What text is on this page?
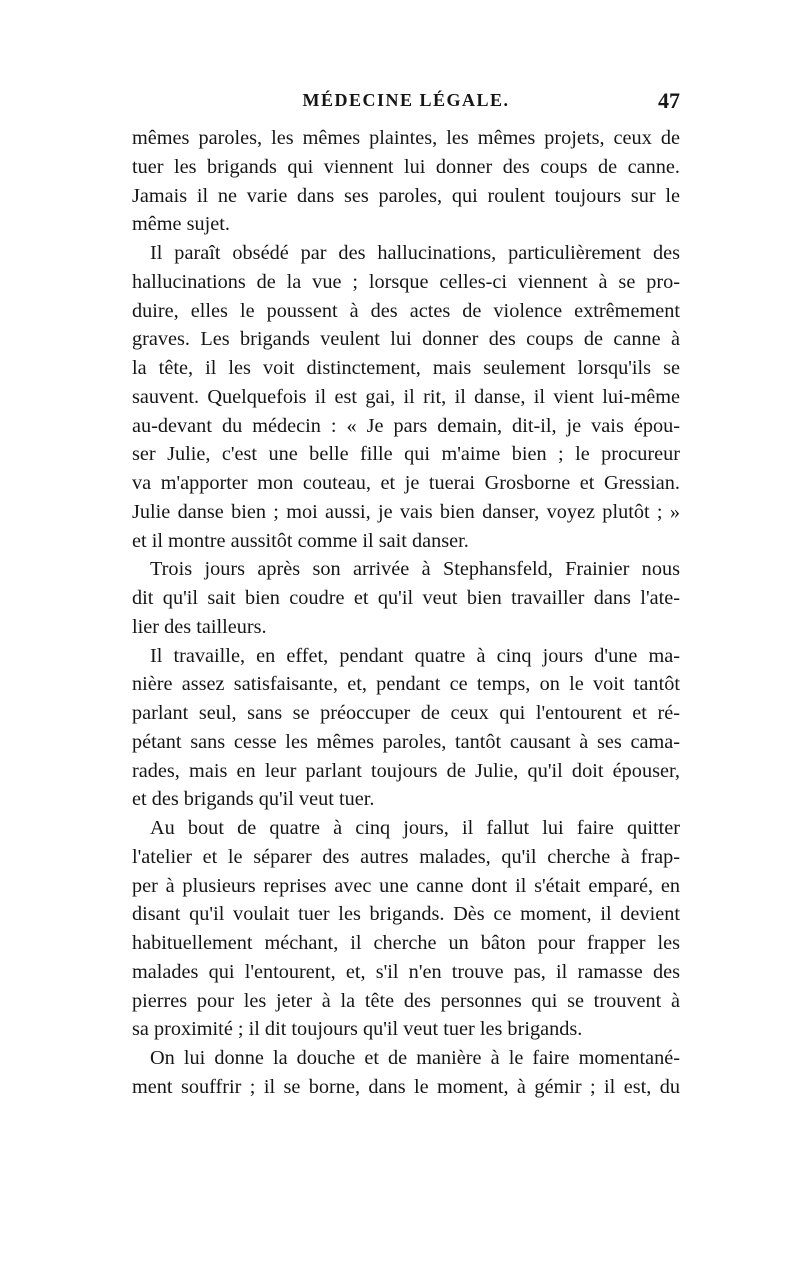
MÉDECINE LÉGALE.	47
mêmes paroles, les mêmes plaintes, les mêmes projets, ceux de
tuer les brigands qui viennent lui donner des coups de canne.
Jamais il ne varie dans ses paroles, qui roulent toujours sur le
même sujet.
Il paraît obsédé par des hallucinations, particulièrement des
hallucinations de la vue ; lorsque celles-ci viennent à se pro-
duire, elles le poussent à des actes de violence extrêmement
graves. Les brigands veulent lui donner des coups de canne à
la tête, il les voit distinctement, mais seulement lorsqu'ils se
sauvent. Quelquefois il est gai, il rit, il danse, il vient lui-même
au-devant du médecin : « Je pars demain, dit-il, je vais épou-
ser Julie, c'est une belle fille qui m'aime bien ; le procureur
va m'apporter mon couteau, et je tuerai Grosborne et Gressian.
Julie danse bien ; moi aussi, je vais bien danser, voyez plutôt ; »
et il montre aussitôt comme il sait danser.
Trois jours après son arrivée à Stephansfeld, Frainier nous
dit qu'il sait bien coudre et qu'il veut bien travailler dans l'ate-
lier des tailleurs.
Il travaille, en effet, pendant quatre à cinq jours d'une ma-
nière assez satisfaisante, et, pendant ce temps, on le voit tantôt
parlant seul, sans se préoccuper de ceux qui l'entourent et ré-
pétant sans cesse les mêmes paroles, tantôt causant à ses cama-
rades, mais en leur parlant toujours de Julie, qu'il doit épouser,
et des brigands qu'il veut tuer.
Au bout de quatre à cinq jours, il fallut lui faire quitter
l'atelier et le séparer des autres malades, qu'il cherche à frap-
per à plusieurs reprises avec une canne dont il s'était emparé, en
disant qu'il voulait tuer les brigands. Dès ce moment, il devient
habituellement méchant, il cherche un bâton pour frapper les
malades qui l'entourent, et, s'il n'en trouve pas, il ramasse des
pierres pour les jeter à la tête des personnes qui se trouvent à
sa proximité ; il dit toujours qu'il veut tuer les brigands.
On lui donne la douche et de manière à le faire momentané-
ment souffrir ; il se borne, dans le moment, à gémir ; il est, du
